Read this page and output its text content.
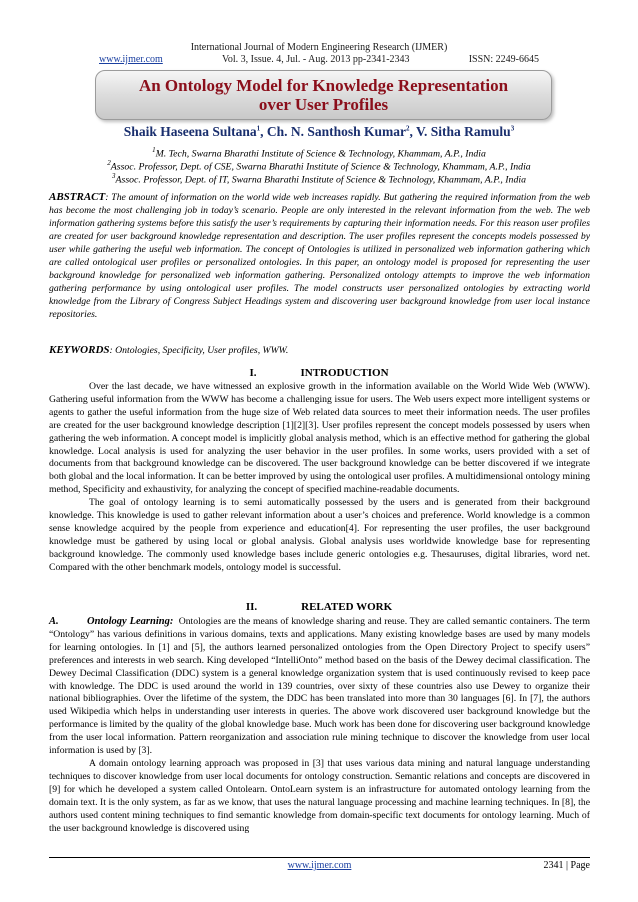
International Journal of Modern Engineering Research (IJMER)
www.ijmer.com	Vol. 3, Issue. 4, Jul. - Aug. 2013 pp-2341-2343	ISSN: 2249-6645
An Ontology Model for Knowledge Representation
over User Profiles
Shaik Haseena Sultana$^1$, Ch. N. Santhosh Kumar$^2$, V. Sitha Ramulu$^3$
$^1$M. Tech, Swarna Bharathi Institute of Science & Technology, Khammam, A.P., India
$^2$Assoc. Professor, Dept. of CSE, Swarna Bharathi Institute of Science & Technology, Khammam, A.P., India
$^3$Assoc. Professor, Dept. of IT, Swarna Bharathi Institute of Science & Technology, Khammam, A.P., India
ABSTRACT: The amount of information on the world wide web increases rapidly. But gathering the required information from the web has become the most challenging job in today’s scenario. People are only interested in the relevant information from the web. The web information gathering systems before this satisfy the user’s requirements by capturing their information needs. For this reason user profiles are created for user background knowledge representation and description. The user profiles represent the concepts models possessed by user while gathering the useful web information. The concept of Ontologies is utilized in personalized web information gathering which are called ontological user profiles or personalized ontologies. In this paper, an ontology model is proposed for representing the user background knowledge for personalized web information gathering. Personalized ontology attempts to improve the web information gathering performance by using ontological user profiles. The model constructs user personalized ontologies by extracting world knowledge from the Library of Congress Subject Headings system and discovering user background knowledge from user local instance repositories.
KEYWORDS: Ontologies, Specificity, User profiles, WWW.
I.	INTRODUCTION

Over the last decade, we have witnessed an explosive growth in the information available on the World Wide Web (WWW). Gathering useful information from the WWW has become a challenging issue for users. The Web users expect more intelligent systems or agents to gather the useful information from the huge size of Web related data sources to meet their information needs. The user profiles are created for the user background knowledge description [1][2][3]. User profiles represent the concept models possessed by users when gathering the web information. A concept model is implicitly global analysis method, which is an effective method for gathering the global knowledge. Local analysis is used for analyzing the user behavior in the user profiles. In some works, users provided with a set of documents from that background knowledge can be discovered. The user background knowledge can be better discovered if we integrate both global and the local information. It can be better improved by using the ontological user profiles. A multidimensional ontology mining method, Specificity and exhaustivity, for analyzing the concept of specified machine-readable documents.

The goal of ontology learning is to semi automatically possessed by the users and is generated from their background knowledge. This knowledge is used to gather relevant information about a user’s choices and preference. World knowledge is a common sense knowledge acquired by the people from experience and education[4]. For representing the user profiles, the user background knowledge must be gathered by using local or global analysis. Global analysis uses worldwide knowledge base for representing background knowledge. The commonly used knowledge bases include generic ontologies e.g. Thesauruses, digital libraries, word net. Compared with the other benchmark models, ontology model is successful.

II.	RELATED WORK

A.	Ontology Learning: Ontologies are the means of knowledge sharing and reuse. They are called semantic containers. The term “Ontology” has various definitions in various domains, texts and applications. Many existing knowledge bases are used by many models for learning ontologies. In [1] and [5], the authors learned personalized ontologies from the Open Directory Project to specify users” preferences and interests in web search. King developed “IntelliOnto” method based on the basis of the Dewey decimal classification. The Dewey Decimal Classification (DDC) system is a general knowledge organization system that is used continuously revised to keep pace with knowledge. The DDC is used around the world in 139 countries, over sixty of these countries also use Dewey to organize their national bibliographies. Over the lifetime of the system, the DDC has been translated into more than 30 languages [6]. In [7], the authors used Wikipedia which helps in understanding user interests in queries. The above work discovered user background knowledge but the performance is limited by the quality of the global knowledge base. Much work has been done for discovering user background knowledge from the user local information. Pattern reorganization and association rule mining technique to discover the knowledge from user local information is used by [3].

A domain ontology learning approach was proposed in [3] that uses various data mining and natural language understanding techniques to discover knowledge from user local documents for ontology construction. Semantic relations and concepts are discovered in [9] for which he developed a system called Ontolearn. OntoLearn system is an infrastructure for automated ontology learning from the domain text. It is the only system, as far as we know, that uses the natural language processing and machine learning techniques. In [8], the authors used content mining techniques to find semantic knowledge from domain-specific text documents for ontology learning. Much of the user background knowledge is discovered using

www.ijmer.com	2341 | Page
